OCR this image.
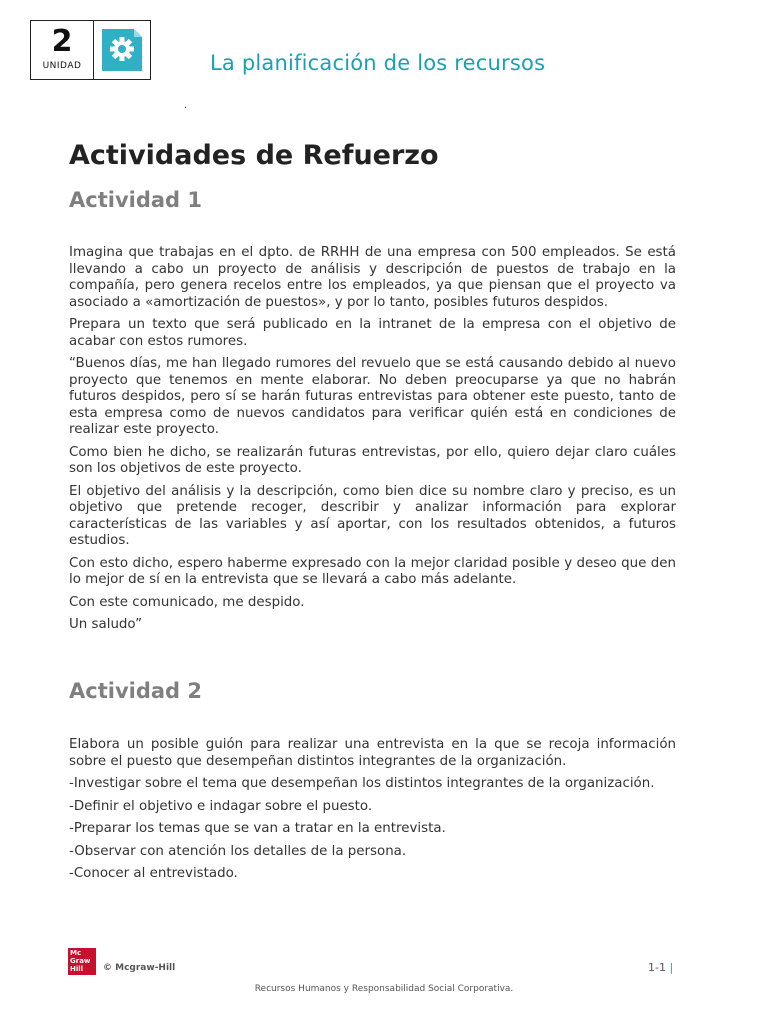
2
UNIDAD	La planificación de los recursos
.
Actividades de Refuerzo
Actividad 1

Imagina que trabajas en el dpto. de RRHH de una empresa con 500 empleados. Se está llevando a cabo un proyecto de análisis y descripción de puestos de trabajo en la compañía, pero genera recelos entre los empleados, ya que piensan que el proyecto va asociado a «amortización de puestos», y por lo tanto, posibles futuros despidos.

Prepara un texto que será publicado en la intranet de la empresa con el objetivo de acabar con estos rumores.

“Buenos días, me han llegado rumores del revuelo que se está causando debido al nuevo proyecto que tenemos en mente elaborar. No deben preocuparse ya que no habrán futuros despidos, pero sí se harán futuras entrevistas para obtener este puesto, tanto de esta empresa como de nuevos candidatos para verificar quién está en condiciones de realizar este proyecto.

Como bien he dicho, se realizarán futuras entrevistas, por ello, quiero dejar claro cuáles son los objetivos de este proyecto.

El objetivo del análisis y la descripción, como bien dice su nombre claro y preciso, es un objetivo que pretende recoger, describir y analizar información para explorar características de las variables y así aportar, con los resultados obtenidos, a futuros estudios.

Con esto dicho, espero haberme expresado con la mejor claridad posible y deseo que den lo mejor de sí en la entrevista que se llevará a cabo más adelante.

Con este comunicado, me despido.

Un saludo”

Actividad 2

Elabora un posible guión para realizar una entrevista en la que se recoja información sobre el puesto que desempeñan distintos integrantes de la organización.

-Investigar sobre el tema que desempeñan los distintos integrantes de la organización.

-Definir el objetivo e indagar sobre el puesto.

-Preparar los temas que se van a tratar en la entrevista.

-Observar con atención los detalles de la persona.

-Conocer al entrevistado.

Mc
Graw
Hill	© Mcgraw-Hill	1-1 |
Recursos Humanos y Responsabilidad Social Corporativa.
